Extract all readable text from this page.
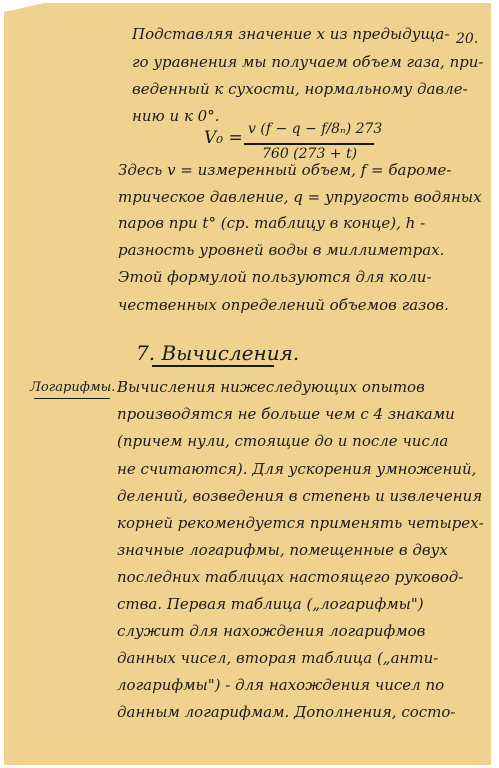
20.
Подставляя значение x из предыдуща-
го уравнения мы получаем объем газа, при-
веденный к сухости, нормальному давле-
нию и к 0°.
V₀ = v (f − q − f/8ₙ) 273
760 (273 + t)
Здесь v = измеренный объем, f = баромe-
трическое давление, q = упругость водяных
паров при t° (ср. таблицу в конце), h -
разность уровней воды в миллиметрах.
Этой формулой пользуются для коли-
чественных определений объемов газов.
7. Вычисления.
Логарифмы. Вычисления нижеследующих опытов
производятся не больше чем с 4 знаками
(причем нули, стоящие до и после числа
не считаются). Для ускорения умножений,
делений, возведения в степень и извлечения
корней рекомендуется применять четырех-
значные логарифмы, помещенные в двух
последних таблицах настоящего руковод-
ства. Первая таблица („логарифмы")
служит для нахождения логарифмов
данных чисел, вторая таблица („анти-
логарифмы") - для нахождения чисел по
данным логарифмам. Дополнения, состо-
